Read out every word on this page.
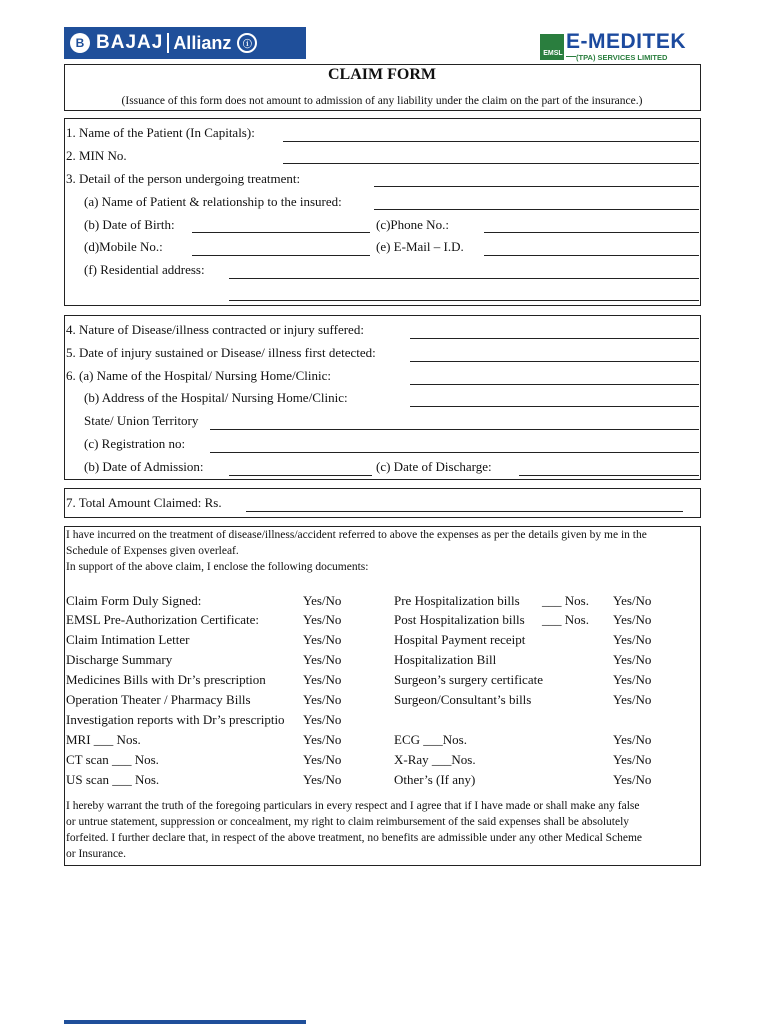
B BAJAJ Allianz	ⓘ
EMSL
E-MEDITEK
(TPA) SERVICES LIMITED
CLAIM FORM
(Issuance of this form does not amount to admission of any liability under the claim on the part of the insurance.)
1. Name of the Patient (In Capitals):
2. MIN No.
3. Detail of the person undergoing treatment:
(a) Name of Patient & relationship to the insured:
(b) Date of Birth:	(c)Phone No.:
(d)Mobile No.:	(e) E-Mail – I.D.
(f) Residential address:
4. Nature of Disease/illness contracted or injury suffered:
5. Date of injury sustained or Disease/ illness first detected:
6. (a) Name of the Hospital/ Nursing Home/Clinic:
(b) Address of the Hospital/ Nursing Home/Clinic:
State/ Union Territory
(c) Registration no:
(b) Date of Admission:	(c) Date of Discharge:
7. Total Amount Claimed: Rs.
I have incurred on the treatment of disease/illness/accident referred to above the expenses as per the details given by me in the
Schedule of Expenses given overleaf.
In support of the above claim, I enclose the following documents:
Claim Form Duly Signed:	Yes/No	Pre Hospitalization bills ___ Nos. Yes/No
EMSL Pre-Authorization Certificate:	Yes/No	Post Hospitalization bills ___ Nos. Yes/No
Claim Intimation Letter	Yes/No	Hospital Payment receipt	Yes/No
Discharge Summary	Yes/No	Hospitalization Bill	Yes/No
Medicines Bills with Dr’s prescription	Yes/No	Surgeon’s surgery certificate	Yes/No
Operation Theater / Pharmacy Bills	Yes/No	Surgeon/Consultant’s bills	Yes/No
Investigation reports with Dr’s prescriptio Yes/No
MRI ___ Nos.	Yes/No	ECG ___Nos.	Yes/No
CT scan ___ Nos.	Yes/No	X-Ray ___Nos.	Yes/No
US scan ___ Nos.	Yes/No	Other’s (If any)	Yes/No
I hereby warrant the truth of the foregoing particulars in every respect and I agree that if I have made or shall make any false
or untrue statement, suppression or concealment, my right to claim reimbursement of the said expenses shall be absolutely
forfeited. I further declare that, in respect of the above treatment, no benefits are admissible under any other Medical Scheme
or Insurance.
